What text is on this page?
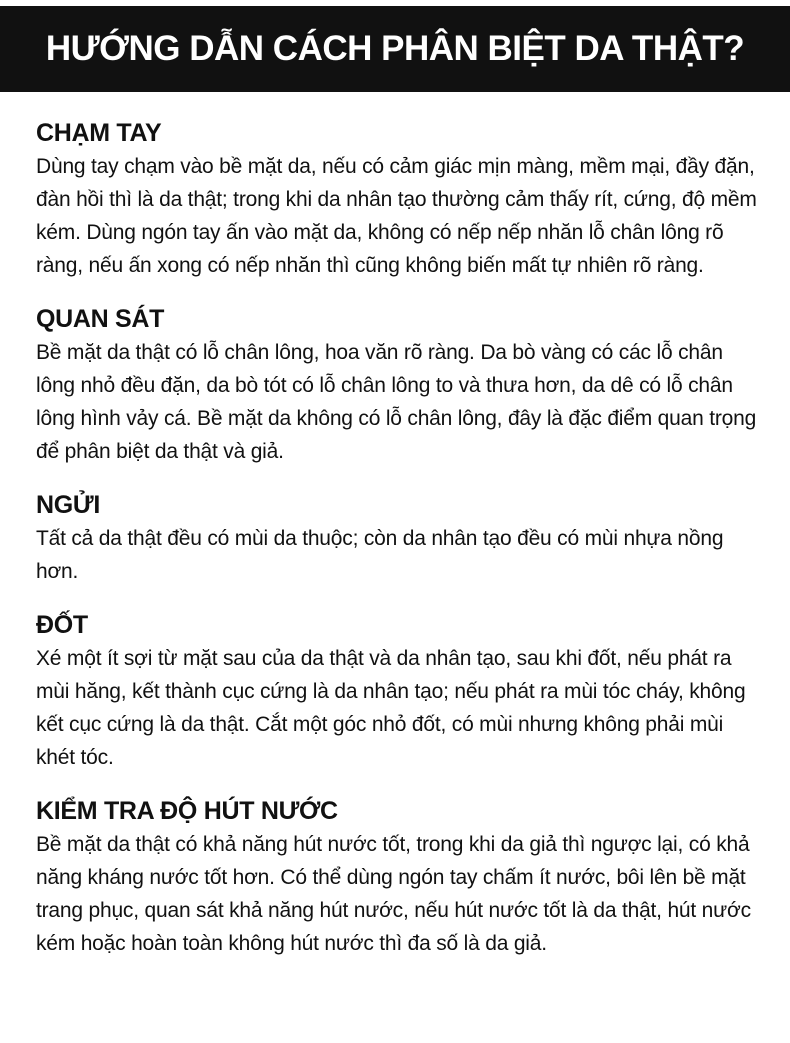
HƯỚNG DẪN CÁCH PHÂN BIỆT DA THẬT?
CHẠM TAY

Dùng tay chạm vào bề mặt da, nếu có cảm giác mịn màng, mềm mại, đầy đặn, đàn hồi thì là da thật; trong khi da nhân tạo thường cảm thấy rít, cứng, độ mềm kém. Dùng ngón tay ấn vào mặt da, không có nếp nếp nhăn lỗ chân lông rõ ràng, nếu ấn xong có nếp nhăn thì cũng không biến mất tự nhiên rõ ràng.

QUAN SÁT

Bề mặt da thật có lỗ chân lông, hoa văn rõ ràng. Da bò vàng có các lỗ chân lông nhỏ đều đặn, da bò tót có lỗ chân lông to và thưa hơn, da dê có lỗ chân lông hình vảy cá. Bề mặt da không có lỗ chân lông, đây là đặc điểm quan trọng để phân biệt da thật và giả.

NGỬI

Tất cả da thật đều có mùi da thuộc; còn da nhân tạo đều có mùi nhựa nồng hơn.

ĐỐT

Xé một ít sợi từ mặt sau của da thật và da nhân tạo, sau khi đốt, nếu phát ra mùi hăng, kết thành cục cứng là da nhân tạo; nếu phát ra mùi tóc cháy, không kết cục cứng là da thật. Cắt một góc nhỏ đốt, có mùi nhưng không phải mùi khét tóc.

KIỂM TRA ĐỘ HÚT NƯỚC

Bề mặt da thật có khả năng hút nước tốt, trong khi da giả thì ngược lại, có khả năng kháng nước tốt hơn. Có thể dùng ngón tay chấm ít nước, bôi lên bề mặt trang phục, quan sát khả năng hút nước, nếu hút nước tốt là da thật, hút nước kém hoặc hoàn toàn không hút nước thì đa số là da giả.
